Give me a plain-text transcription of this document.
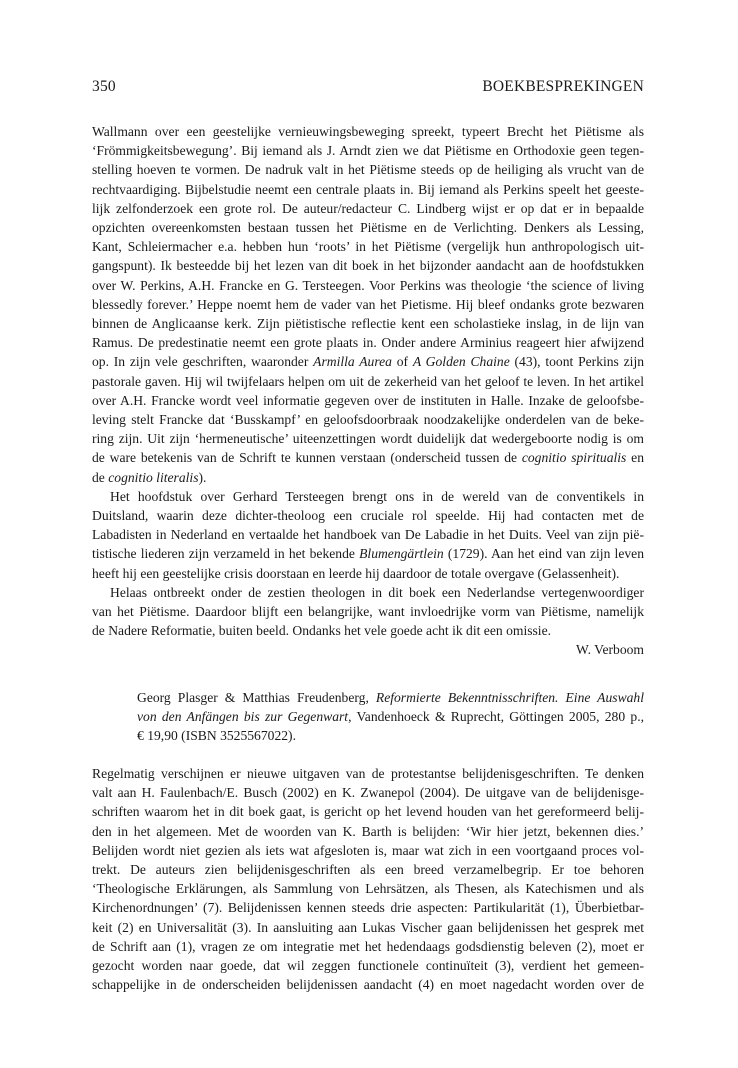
350	BOEKBESPREKINGEN
Wallmann over een geestelijke vernieuwingsbeweging spreekt, typeert Brecht het Piëtisme als
‘Frömmigkeitsbewegung’. Bij iemand als J. Arndt zien we dat Piëtisme en Orthodoxie geen tegen-
stelling hoeven te vormen. De nadruk valt in het Piëtisme steeds op de heiliging als vrucht van de
rechtvaardiging. Bijbelstudie neemt een centrale plaats in. Bij iemand als Perkins speelt het geeste-
lijk zelfonderzoek een grote rol. De auteur/redacteur C. Lindberg wijst er op dat er in bepaalde
opzichten overeenkomsten bestaan tussen het Piëtisme en de Verlichting. Denkers als Lessing,
Kant, Schleiermacher e.a. hebben hun ‘roots’ in het Piëtisme (vergelijk hun anthropologisch uit-
gangspunt). Ik besteedde bij het lezen van dit boek in het bijzonder aandacht aan de hoofdstukken
over W. Perkins, A.H. Francke en G. Tersteegen. Voor Perkins was theologie ‘the science of living
blessedly forever.’ Heppe noemt hem de vader van het Pietisme. Hij bleef ondanks grote bezwaren
binnen de Anglicaanse kerk. Zijn piëtistische reflectie kent een scholastieke inslag, in de lijn van
Ramus. De predestinatie neemt een grote plaats in. Onder andere Arminius reageert hier afwijzend
op. In zijn vele geschriften, waaronder Armilla Aurea of A Golden Chaine (43), toont Perkins zijn
pastorale gaven. Hij wil twijfelaars helpen om uit de zekerheid van het geloof te leven. In het artikel
over A.H. Francke wordt veel informatie gegeven over de instituten in Halle. Inzake de geloofsbe-
leving stelt Francke dat ‘Busskampf’ en geloofsdoorbraak noodzakelijke onderdelen van de beke-
ring zijn. Uit zijn ‘hermeneutische’ uiteenzettingen wordt duidelijk dat wedergeboorte nodig is om
de ware betekenis van de Schrift te kunnen verstaan (onderscheid tussen de cognitio spiritualis en
de cognitio literalis).
Het hoofdstuk over Gerhard Tersteegen brengt ons in de wereld van de conventikels in
Duitsland, waarin deze dichter-theoloog een cruciale rol speelde. Hij had contacten met de
Labadisten in Nederland en vertaalde het handboek van De Labadie in het Duits. Veel van zijn pië-
tistische liederen zijn verzameld in het bekende Blumengärtlein (1729). Aan het eind van zijn leven
heeft hij een geestelijke crisis doorstaan en leerde hij daardoor de totale overgave (Gelassenheit).
Helaas ontbreekt onder de zestien theologen in dit boek een Nederlandse vertegenwoordiger
van het Piëtisme. Daardoor blijft een belangrijke, want invloedrijke vorm van Piëtisme, namelijk
de Nadere Reformatie, buiten beeld. Ondanks het vele goede acht ik dit een omissie.
W. Verboom
Georg Plasger & Matthias Freudenberg, Reformierte Bekenntnisschriften. Eine Auswahl
von den Anfängen bis zur Gegenwart, Vandenhoeck & Ruprecht, Göttingen 2005, 280 p.,
€ 19,90 (ISBN 3525567022).
Regelmatig verschijnen er nieuwe uitgaven van de protestantse belijdenisgeschriften. Te denken
valt aan H. Faulenbach/E. Busch (2002) en K. Zwanepol (2004). De uitgave van de belijdenisge-
schriften waarom het in dit boek gaat, is gericht op het levend houden van het gereformeerd belij-
den in het algemeen. Met de woorden van K. Barth is belijden: ‘Wir hier jetzt, bekennen dies.’
Belijden wordt niet gezien als iets wat afgesloten is, maar wat zich in een voortgaand proces vol-
trekt. De auteurs zien belijdenisgeschriften als een breed verzamelbegrip. Er toe behoren
‘Theologische Erklärungen, als Sammlung von Lehrsätzen, als Thesen, als Katechismen und als
Kirchenordnungen’ (7). Belijdenissen kennen steeds drie aspecten: Partikularität (1), Überbietbar-
keit (2) en Universalität (3). In aansluiting aan Lukas Vischer gaan belijdenissen het gesprek met
de Schrift aan (1), vragen ze om integratie met het hedendaags godsdienstig beleven (2), moet er
gezocht worden naar goede, dat wil zeggen functionele continuïteit (3), verdient het gemeen-
schappelijke in de onderscheiden belijdenissen aandacht (4) en moet nagedacht worden over de
